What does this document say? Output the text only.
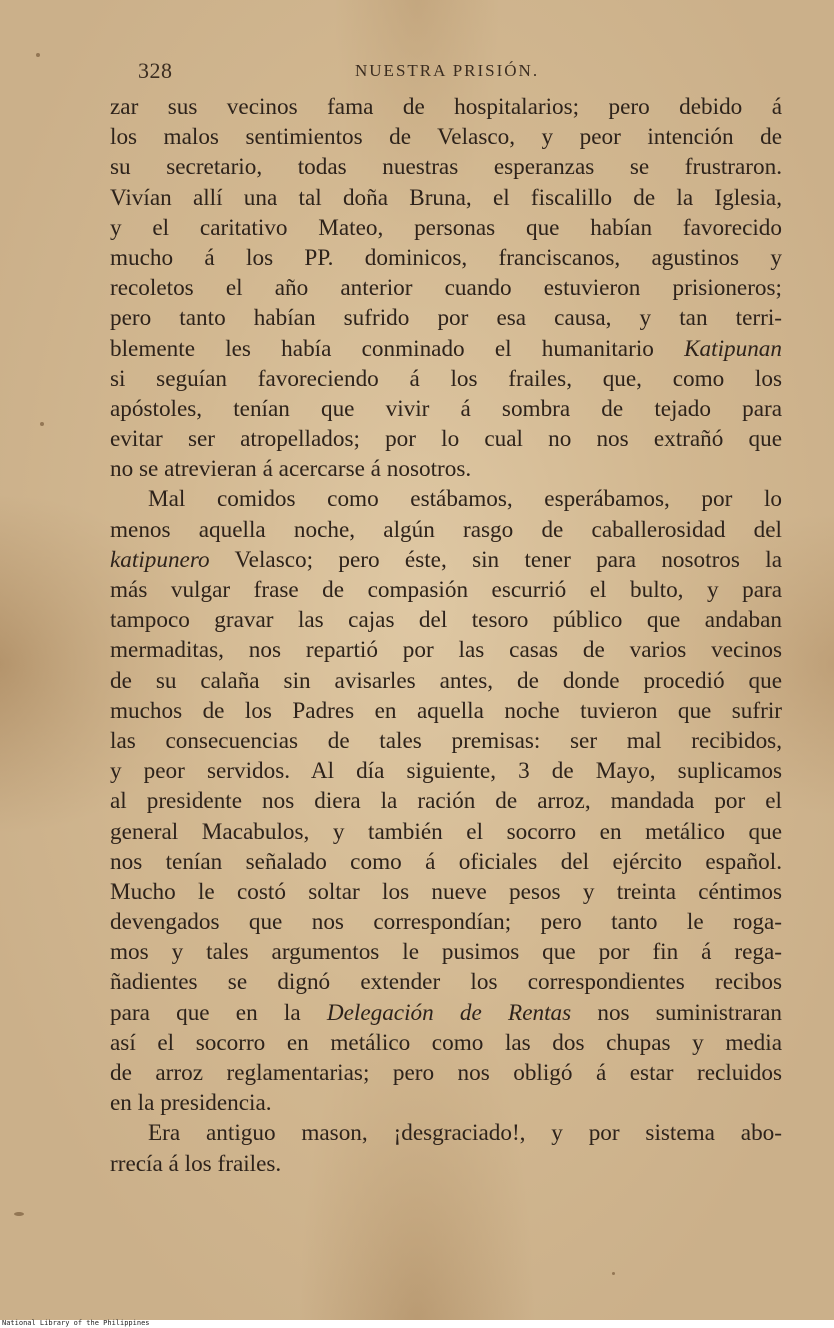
328	NUESTRA PRISIÓN.
zar sus vecinos fama de hospitalarios; pero debido á
los malos sentimientos de Velasco, y peor intención de
su secretario, todas nuestras esperanzas se frustraron.
Vivían allí una tal doña Bruna, el fiscalillo de la Iglesia,
y el caritativo Mateo, personas que habían favorecido
mucho á los PP. dominicos, franciscanos, agustinos y
recoletos el año anterior cuando estuvieron prisioneros;
pero tanto habían sufrido por esa causa, y tan terri-
blemente les había conminado el humanitario Katipunan
si seguían favoreciendo á los frailes, que, como los
apóstoles, tenían que vivir á sombra de tejado para
evitar ser atropellados; por lo cual no nos extrañó que
no se atrevieran á acercarse á nosotros.
Mal comidos como estábamos, esperábamos, por lo
menos aquella noche, algún rasgo de caballerosidad del
katipunero Velasco; pero éste, sin tener para nosotros la
más vulgar frase de compasión escurrió el bulto, y para
tampoco gravar las cajas del tesoro público que andaban
mermaditas, nos repartió por las casas de varios vecinos
de su calaña sin avisarles antes, de donde procedió que
muchos de los Padres en aquella noche tuvieron que sufrir
las consecuencias de tales premisas: ser mal recibidos,
y peor servidos. Al día siguiente, 3 de Mayo, suplicamos
al presidente nos diera la ración de arroz, mandada por el
general Macabulos, y también el socorro en metálico que
nos tenían señalado como á oficiales del ejército español.
Mucho le costó soltar los nueve pesos y treinta céntimos
devengados que nos correspondían; pero tanto le roga-
mos y tales argumentos le pusimos que por fin á rega-
ñadientes se dignó extender los correspondientes recibos
para que en la Delegación de Rentas nos suministraran
así el socorro en metálico como las dos chupas y media
de arroz reglamentarias; pero nos obligó á estar recluidos
en la presidencia.
Era antiguo mason, ¡desgraciado!, y por sistema abo-
rrecía á los frailes.
National Library of the Philippines
